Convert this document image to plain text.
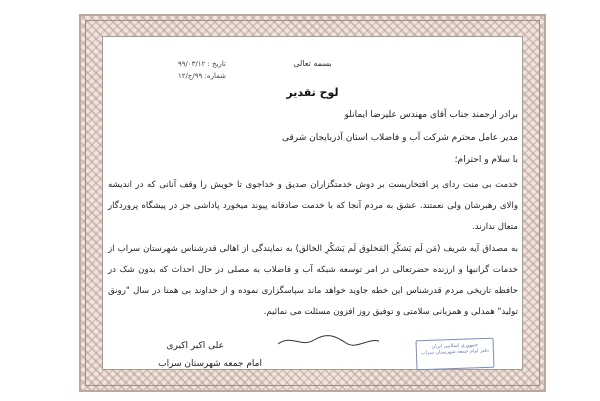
بسمه تعالی
تاریخ : ۹۹/۰۳/۱۲
شماره: ۹۹/ج/۱۲
لوح تقدیر
برادر ارجمند جناب آقای مهندس علیرضا ایمانلو
مدیر عامل محترم شرکت آب و فاضلاب استان آذربایجان شرقی
با سلام و احترام؛

خدمت بی منت ردای پر افتخاریست بر دوش خدمتگزاران صدیق و خداجوی تا خویش را وقف آنانی که در اندیشه والای رهبرشان ولی نعمتند. عشق به مردم آنجا که با خدمت صادقانه پیوند میخورد پاداشی جز در پیشگاه پروردگار متعال ندارند.

به مصداق آیه شریف (مَن لَم یَشکُرِ المَخلوق لَم یَشکُرِ الخالق) به نمایندگی از اهالی قدرشناس شهرستان سراب از خدمات گرانبها و ارزنده حضرتعالی در امر توسعه شبکه آب و فاضلاب به مصلی در حال احداث که بدون شک در حافظه تاریخی مردم قدرشناس این خطه جاوید خواهد ماند سپاسگزاری نموده و از خداوند بی همتا در سال "رونق تولید" همدلی و همزبانی سلامتی و توفیق روز افزون مسئلت می نمائیم.

علی اکبر اکبری
امام جمعه شهرستان سراب
جمهوری اسلامی ایران
دفتر امام جمعه شهرستان سراب
